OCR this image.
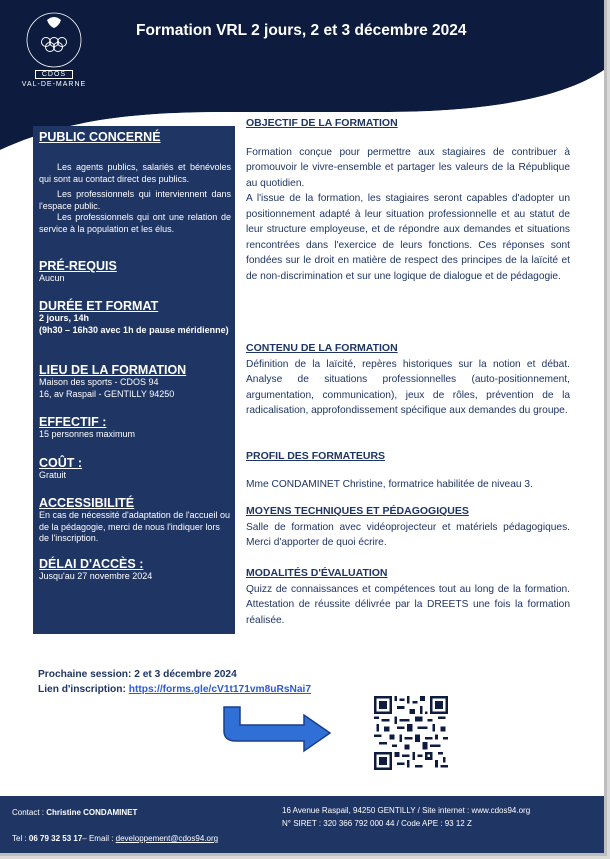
CDOS
VAL-DE-MARNE
Formation VRL 2 jours, 2 et 3 décembre 2024
PUBLIC CONCERNÉ
Les agents publics, salariés et bénévoles qui sont au contact direct des publics.
Les professionnels qui interviennent dans l'espace public.
Les professionnels qui ont une relation de service à la population et les élus.
PRÉ-REQUIS
Aucun
DURÉE ET FORMAT
2 jours, 14h
(9h30 – 16h30 avec 1h de pause méridienne)
LIEU DE LA FORMATION
Maison des sports - CDOS 94
16, av Raspail - GENTILLY 94250
EFFECTIF :
15 personnes maximum
COÛT :
Gratuit
ACCESSIBILITÉ
En cas de nécessité d'adaptation de l'accueil ou de la pédagogie, merci de nous l'indiquer lors de l'inscription.
DÉLAI D'ACCÈS :
Jusqu'au 27 novembre 2024
OBJECTIF DE LA FORMATION
Formation conçue pour permettre aux stagiaires de contribuer à promouvoir le vivre-ensemble et partager les valeurs de la République au quotidien.
A l'issue de la formation, les stagiaires seront capables d'adopter un positionnement adapté à leur situation professionnelle et au statut de leur structure employeuse, et de répondre aux demandes et situations rencontrées dans l'exercice de leurs fonctions. Ces réponses sont fondées sur le droit en matière de respect des principes de la laïcité et de non-discrimination et sur une logique de dialogue et de pédagogie.
CONTENU DE LA FORMATION
Définition de la laïcité, repères historiques sur la notion et débat. Analyse de situations professionnelles (auto-positionnement, argumentation, communication), jeux de rôles, prévention de la radicalisation, approfondissement spécifique aux demandes du groupe.
PROFIL DES FORMATEURS
Mme CONDAMINET Christine, formatrice habilitée de niveau 3.
MOYENS TECHNIQUES ET PÉDAGOGIQUES
Salle de formation avec vidéoprojecteur et matériels pédagogiques. Merci d'apporter de quoi écrire.
MODALITÉS D'ÉVALUATION
Quizz de connaissances et compétences tout au long de la formation. Attestation de réussite délivrée par la DREETS une fois la formation réalisée.
Prochaine session: 2 et 3 décembre 2024
Lien d'inscription: https://forms.gle/cV1t171vm8uRsNai7
Contact : Christine CONDAMINET
Tel : 06 79 32 53 17– Email : developpement@cdos94.org
16 Avenue Raspail, 94250 GENTILLY / Site internet : www.cdos94.org
N° SIRET : 320 366 792 000 44 / Code APE : 93 12 Z
